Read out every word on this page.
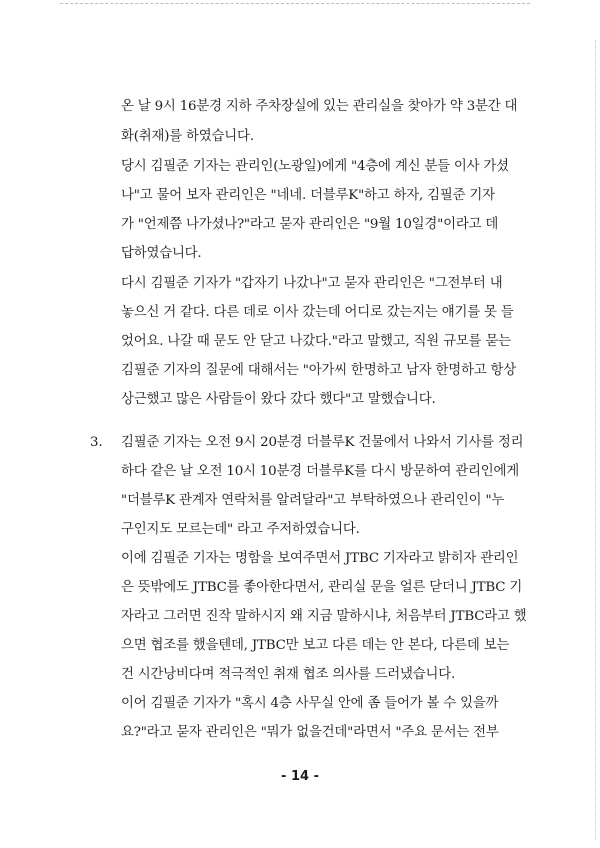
온 날 9시 16분경 지하 주차장실에 있는 관리실을 찾아가 약 3분간 대
화(취재)를 하였습니다.
당시 김필준 기자는 관리인(노광일)에게 "4층에 계신 분들 이사 가셨
나"고 물어 보자 관리인은 "네네. 더블루K"하고 하자, 김필준 기자
가 "언제쯤 나가셨나?"라고 묻자 관리인은 "9월 10일경"이라고 데
답하였습니다.
다시 김필준 기자가 "갑자기 나갔나"고 묻자 관리인은 "그전부터 내
놓으신 거 같다. 다른 데로 이사 갔는데 어디로 갔는지는 얘기를 못 들
었어요. 나갈 때 문도 안 닫고 나갔다."라고 말했고, 직원 규모를 묻는
김필준 기자의 질문에 대해서는 "아가씨 한명하고 남자 한명하고 항상
상근했고 많은 사람들이 왔다 갔다 했다"고 말했습니다.
3. 김필준 기자는 오전 9시 20분경 더블루K 건물에서 나와서 기사를 정리
하다 같은 날 오전 10시 10분경 더블루K를 다시 방문하여 관리인에게
"더블루K 관계자 연락처를 알려달라"고 부탁하였으나 관리인이 "누
구인지도 모르는데" 라고 주저하였습니다.
이에 김필준 기자는 명함을 보여주면서 JTBC 기자라고 밝히자 관리인
은 뜻밖에도 JTBC를 좋아한다면서, 관리실 문을 얼른 닫더니 JTBC 기
자라고 그러면 진작 말하시지 왜 지금 말하시냐, 처음부터 JTBC라고 했
으면 협조를 했을텐데, JTBC만 보고 다른 데는 안 본다, 다른데 보는
건 시간낭비다며 적극적인 취재 협조 의사를 드러냈습니다.
이어 김필준 기자가 "혹시 4층 사무실 안에 좀 들어가 볼 수 있을까
요?"라고 묻자 관리인은 "뭐가 없을건데"라면서 "주요 문서는 전부
- 14 -
